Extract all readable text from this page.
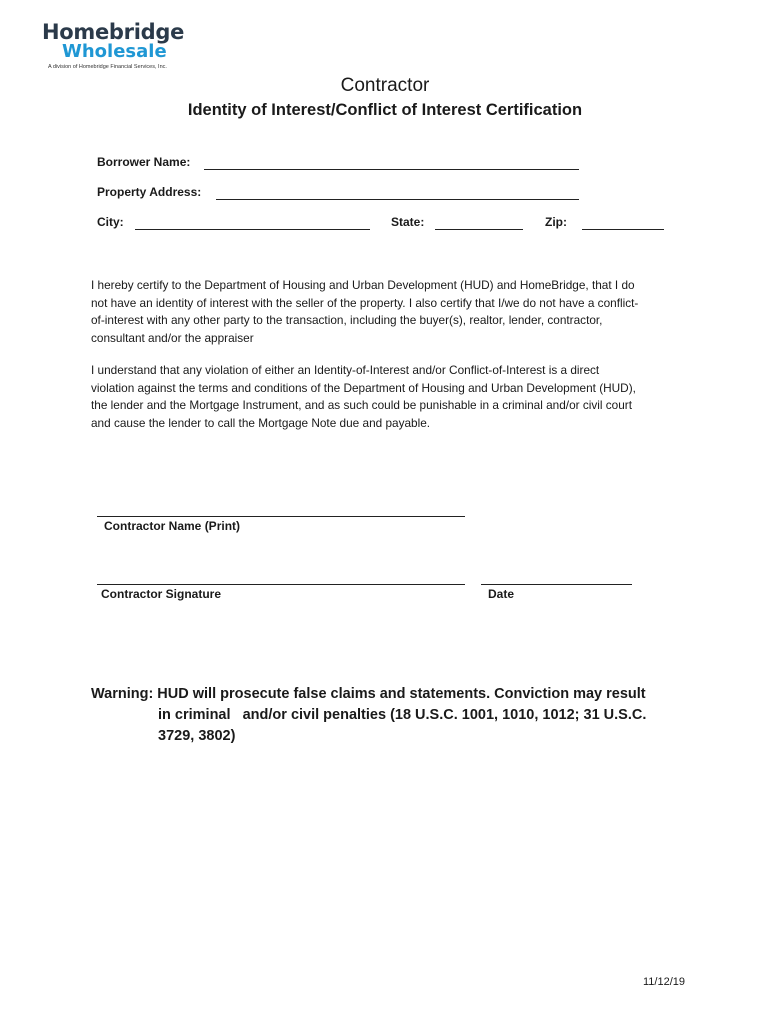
Homebridge
Wholesale
A division of Homebridge Financial Services, Inc.
Contractor
Identity of Interest/Conflict of Interest Certification
Borrower Name:
Property Address:
City:	State:	Zip:
I hereby certify to the Department of Housing and Urban Development (HUD) and HomeBridge, that I do
not have an identity of interest with the seller of the property. I also certify that I/we do not have a conflict-
of-interest with any other party to the transaction, including the buyer(s), realtor, lender, contractor,
consultant and/or the appraiser
I understand that any violation of either an Identity-of-Interest and/or Conflict-of-Interest is a direct
violation against the terms and conditions of the Department of Housing and Urban Development (HUD),
the lender and the Mortgage Instrument, and as such could be punishable in a criminal and/or civil court
and cause the lender to call the Mortgage Note due and payable.
Contractor Name (Print)
Contractor Signature	Date
Warning: HUD will prosecute false claims and statements. Conviction may result
in criminal   and/or civil penalties (18 U.S.C. 1001, 1010, 1012; 31 U.S.C.
3729, 3802)
11/12/19
